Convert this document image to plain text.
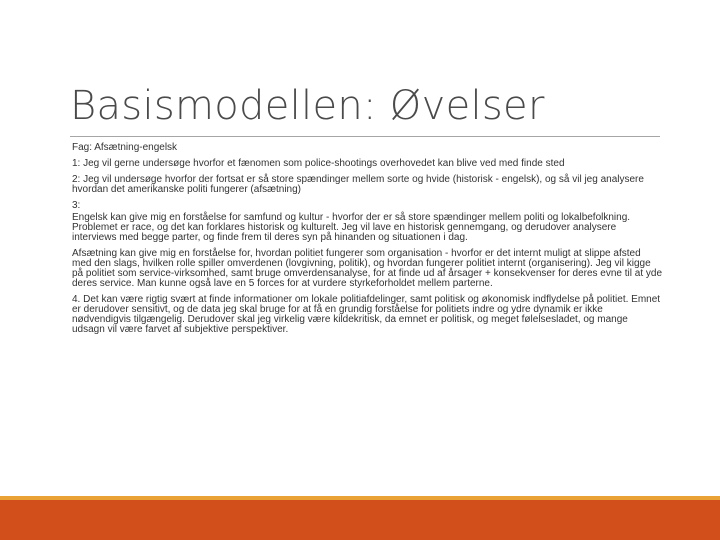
Basismodellen: Øvelser

Fag: Afsætning-engelsk

1: Jeg vil gerne undersøge hvorfor et fænomen som police-shootings overhovedet kan blive ved med finde sted

2: Jeg vil undersøge hvorfor der fortsat er så store spændinger mellem sorte og hvide (historisk - engelsk), og så vil jeg analysere hvordan det amerikanske politi fungerer (afsætning)

3:

Engelsk kan give mig en forståelse for samfund og kultur - hvorfor der er så store spændinger mellem politi og lokalbefolkning. Problemet er race, og det kan forklares historisk og kulturelt. Jeg vil lave en historisk gennemgang, og derudover analysere interviews med begge parter, og finde frem til deres syn på hinanden og situationen i dag.

Afsætning kan give mig en forståelse for, hvordan politiet fungerer som organisation - hvorfor er det internt muligt at slippe afsted med den slags, hvilken rolle spiller omverdenen (lovgivning, politik), og hvordan fungerer politiet internt (organisering). Jeg vil kigge på politiet som service-virksomhed, samt bruge omverdensanalyse, for at finde ud af årsager + konsekvenser for deres evne til at yde deres service. Man kunne også lave en 5 forces for at vurdere styrkeforholdet mellem parterne.

4. Det kan være rigtig svært at finde informationer om lokale politiafdelinger, samt politisk og økonomisk indflydelse på politiet. Emnet er derudover sensitivt, og de data jeg skal bruge for at få en grundig forståelse for politiets indre og ydre dynamik er ikke nødvendigvis tilgængelig. Derudover skal jeg virkelig være kildekritisk, da emnet er politisk, og meget følelsesladet, og mange udsagn vil være farvet af subjektive perspektiver.
